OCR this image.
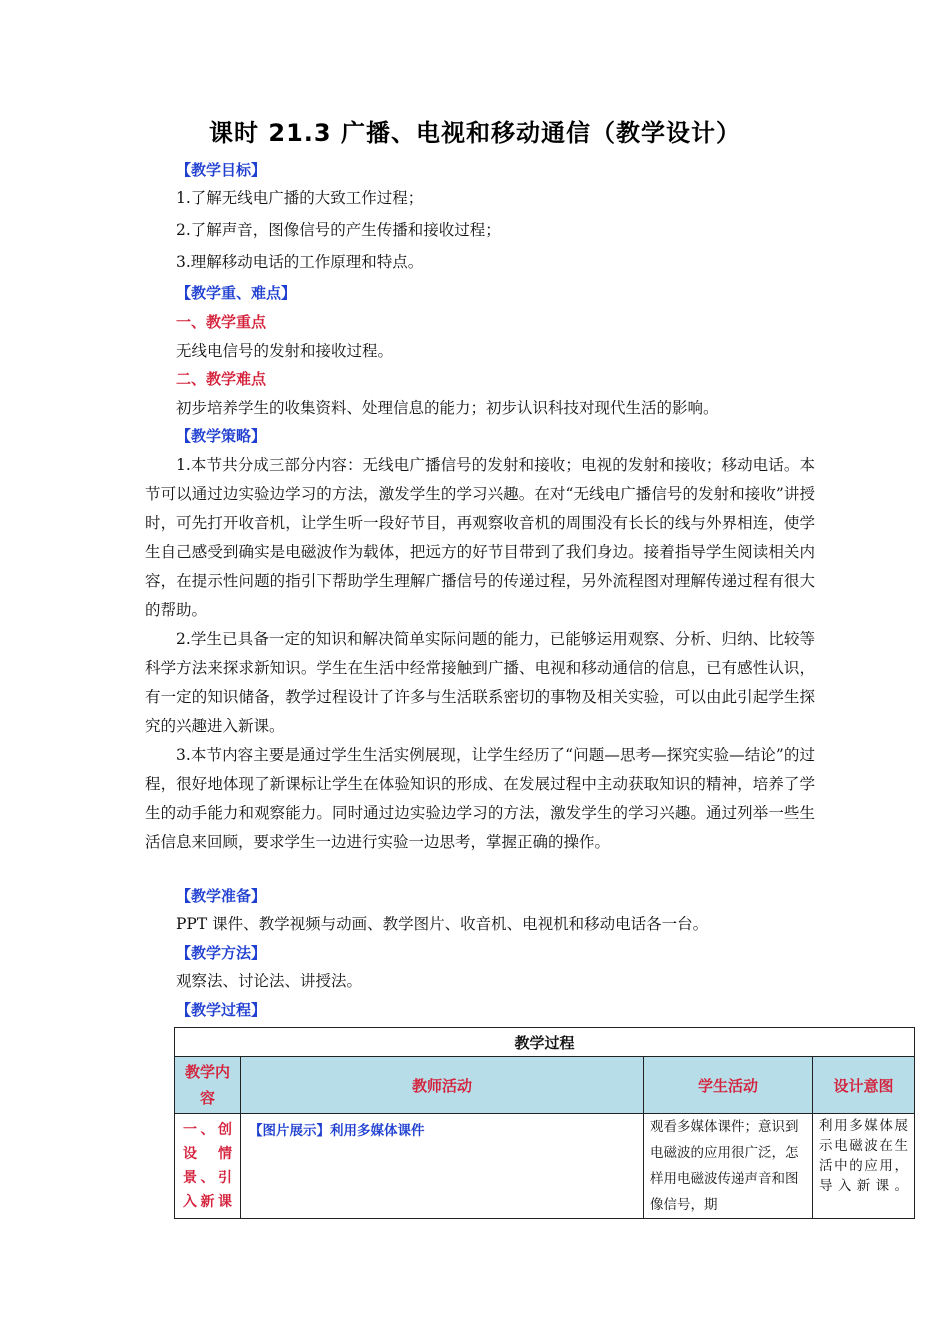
课时 21.3 广播、电视和移动通信（教学设计）
【教学目标】
1.了解无线电广播的大致工作过程；
2.了解声音，图像信号的产生传播和接收过程；
3.理解移动电话的工作原理和特点。
【教学重、难点】
一、教学重点
无线电信号的发射和接收过程。
二、教学难点
初步培养学生的收集资料、处理信息的能力；初步认识科技对现代生活的影响。
【教学策略】
1.本节共分成三部分内容：无线电广播信号的发射和接收；电视的发射和接收；移动电话。本节可以通过边实验边学习的方法，激发学生的学习兴趣。在对“无线电广播信号的发射和接收”讲授时，可先打开收音机，让学生听一段好节目，再观察收音机的周围没有长长的线与外界相连，使学生自己感受到确实是电磁波作为载体，把远方的好节目带到了我们身边。接着指导学生阅读相关内容，在提示性问题的指引下帮助学生理解广播信号的传递过程，另外流程图对理解传递过程有很大的帮助。
2.学生已具备一定的知识和解决简单实际问题的能力，已能够运用观察、分析、归纳、比较等科学方法来探求新知识。学生在生活中经常接触到广播、电视和移动通信的信息，已有感性认识，有一定的知识储备，教学过程设计了许多与生活联系密切的事物及相关实验，可以由此引起学生探究的兴趣进入新课。
3.本节内容主要是通过学生生活实例展现，让学生经历了“问题—思考—探究实验—结论”的过程，很好地体现了新课标让学生在体验知识的形成、在发展过程中主动获取知识的精神，培养了学生的动手能力和观察能力。同时通过边实验边学习的方法，激发学生的学习兴趣。通过列举一些生活信息来回顾，要求学生一边进行实验一边思考，掌握正确的操作。
【教学准备】
PPT 课件、教学视频与动画、教学图片、收音机、电视机和移动电话各一台。
【教学方法】
观察法、讨论法、讲授法。
【教学过程】
教学过程			
教学内容	教师活动	学生活动	设计意图
一、创设情景、引入新课	【图片展示】利用多媒体课件	观看多媒体课件；意识到电磁波的应用很广泛，怎样用电磁波传递声音和图像信号，期	利用多媒体展示电磁波在生活中的应用，导入新课。
